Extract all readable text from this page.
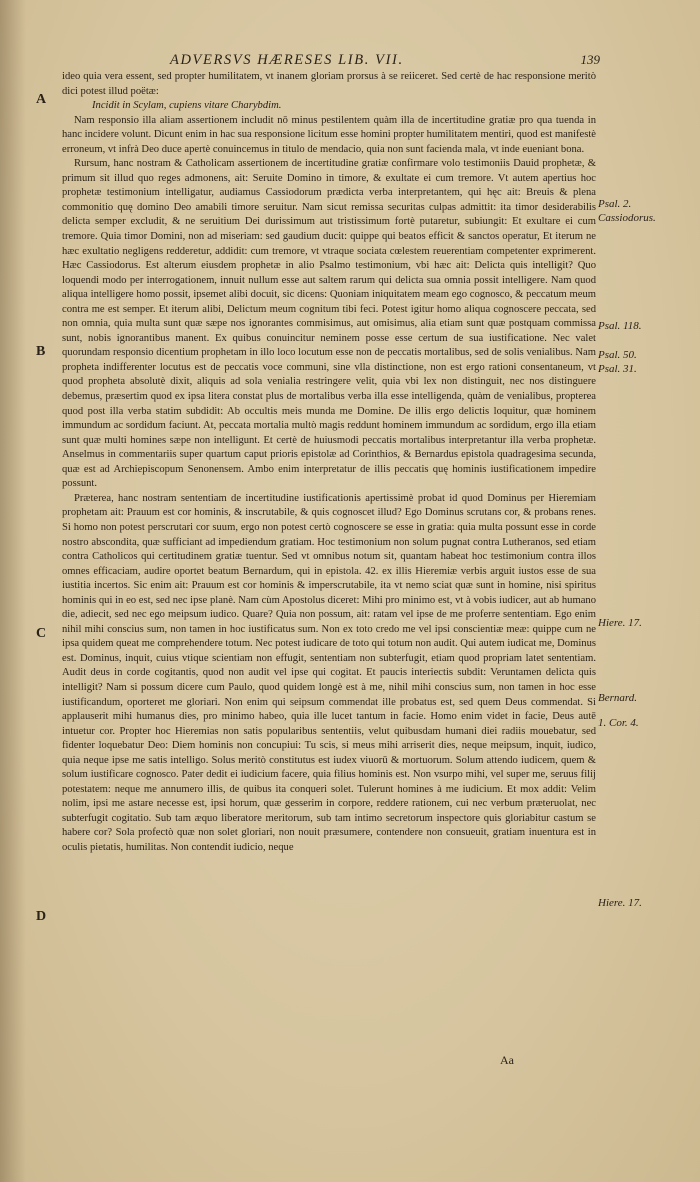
ADVERSVS HÆRESES LIB. VII.	139
A
B
C
D
Psal. 2.
Cassiodorus.
Psal. 118.
Psal. 50.
Psal. 31.
Hiere. 17.
Bernard.
1. Cor. 4.
Hiere. 17.

ideo quia vera essent, sed propter humilitatem, vt inanem gloriam prorsus à se reiiceret. Sed certè de hac responsione meritò dici potest illud poëtæ:

Incidit in Scylam, cupiens vitare Charybdim.

Nam responsio illa aliam assertionem includit nō minus pestilentem quàm illa de incertitudine gratiæ pro qua tuenda in hanc incidere volunt. Dicunt enim in hac sua responsione licitum esse homini propter humilitatem mentiri, quod est manifestè erroneum, vt infrà Deo duce apertè conuincemus in titulo de mendacio, quia non sunt facienda mala, vt inde eueniant bona.

Rursum, hanc nostram & Catholicam assertionem de incertitudine gratiæ confirmare volo testimoniis Dauid prophetæ, & primum sit illud quo reges admonens, ait: Seruite Domino in timore, & exultate ei cum tremore. Vt autem apertius hoc prophetæ testimonium intelligatur, audiamus Cassiodorum prædicta verba interpretantem, qui hęc ait: Breuis & plena commonitio quę domino Deo amabili timore seruitur. Nam sicut remissa securitas culpas admittit: ita timor desiderabilis delicta semper excludit, & ne seruitium Dei durissimum aut tristissimum fortè putaretur, subiungit: Et exultare ei cum tremore. Quia timor Domini, non ad miseriam: sed gaudium ducit: quippe qui beatos efficit & sanctos operatur, Et iterum ne hæc exultatio negligens redderetur, addidit: cum tremore, vt vtraque sociata cœlestem reuerentiam competenter exprimerent. Hæc Cassiodorus. Est alterum eiusdem prophetæ in alio Psalmo testimonium, vbi hæc ait: Delicta quis intelligit? Quo loquendi modo per interrogationem, innuit nullum esse aut saltem rarum qui delicta sua omnia possit intelligere. Nam quod aliqua intelligere homo possit, ipsemet alibi docuit, sic dicens: Quoniam iniquitatem meam ego cognosco, & peccatum meum contra me est semper. Et iterum alibi, Delictum meum cognitum tibi feci. Potest igitur homo aliqua cognoscere peccata, sed non omnia, quia multa sunt quæ sæpe nos ignorantes commisimus, aut omisimus, alia etiam sunt quæ postquam commissa sunt, nobis ignorantibus manent. Ex quibus conuincitur neminem posse esse certum de sua iustificatione. Nec valet quorundam responsio dicentium prophetam in illo loco locutum esse non de peccatis mortalibus, sed de solis venialibus. Nam propheta indifferenter locutus est de peccatis voce communi, sine vlla distinctione, non est ergo rationi consentaneum, vt quod propheta absolutè dixit, aliquis ad sola venialia restringere velit, quia vbi lex non distinguit, nec nos distinguere debemus, præsertim quod ex ipsa litera constat plus de mortalibus verba illa esse intelligenda, quàm de venialibus, propterea quod post illa verba statim subdidit: Ab occultis meis munda me Domine. De illis ergo delictis loquitur, quæ hominem immundum ac sordidum faciunt. At, peccata mortalia multò magis reddunt hominem immundum ac sordidum, ergo illa etiam sunt quæ multi homines sæpe non intelligunt. Et certè de huiusmodi peccatis mortalibus interpretantur illa verba prophetæ. Anselmus in commentariis super quartum caput prioris epistolæ ad Corinthios, & Bernardus epistola quadragesima secunda, quæ est ad Archiepiscopum Senonensem. Ambo enim interpretatur de illis peccatis quę hominis iustificationem impedire possunt.

Præterea, hanc nostram sententiam de incertitudine iustificationis apertissimè probat id quod Dominus per Hieremiam prophetam ait: Prauum est cor hominis, & inscrutabile, & quis cognoscet illud? Ego Dominus scrutans cor, & probans renes. Si homo non potest perscrutari cor suum, ergo non potest certò cognoscere se esse in gratia: quia multa possunt esse in corde nostro abscondita, quæ sufficiant ad impediendum gratiam. Hoc testimonium non solum pugnat contra Lutheranos, sed etiam contra Catholicos qui certitudinem gratiæ tuentur. Sed vt omnibus notum sit, quantam habeat hoc testimonium contra illos omnes efficaciam, audire oportet beatum Bernardum, qui in epistola. 42. ex illis Hieremiæ verbis arguit iustos esse de sua iustitia incertos. Sic enim ait: Prauum est cor hominis & imperscrutabile, ita vt nemo sciat quæ sunt in homine, nisi spiritus hominis qui in eo est, sed nec ipse planè. Nam cùm Apostolus diceret: Mihi pro minimo est, vt à vobis iudicer, aut ab humano die, adiecit, sed nec ego meipsum iudico. Quare? Quia non possum, ait: ratam vel ipse de me proferre sententiam. Ego enim nihil mihi conscius sum, non tamen in hoc iustificatus sum. Non ex toto credo me vel ipsi conscientiæ meæ: quippe cum ne ipsa quidem queat me comprehendere totum. Nec potest iudicare de toto qui totum non audit. Qui autem iudicat me, Dominus est. Dominus, inquit, cuius vtique scientiam non effugit, sententiam non subterfugit, etiam quod propriam latet sententiam. Audit deus in corde cogitantis, quod non audit vel ipse qui cogitat. Et paucis interiectis subdit: Veruntamen delicta quis intelligit? Nam si possum dicere cum Paulo, quod quidem longè est à me, nihil mihi conscius sum, non tamen in hoc esse iustificandum, oporteret me gloriari. Non enim qui seipsum commendat ille probatus est, sed quem Deus commendat. Si applauserit mihi humanus dies, pro minimo habeo, quia ille lucet tantum in facie. Homo enim videt in facie, Deus autē intuetur cor. Propter hoc Hieremias non satis popularibus sententiis, velut quibusdam humani diei radiis mouebatur, sed fidenter loquebatur Deo: Diem hominis non concupiui: Tu scis, si meus mihi arriserit dies, neque meipsum, inquit, iudico, quia neque ipse me satis intelligo. Solus meritò constitutus est iudex viuorū & mortuorum. Solum attendo iudicem, quem & solum iustificare cognosco. Pater dedit ei iudicium facere, quia filius hominis est. Non vsurpo mihi, vel super me, seruus filij potestatem: neque me annumero illis, de quibus ita conqueri solet. Tulerunt homines à me iudicium. Et mox addit: Velim nolim, ipsi me astare necesse est, ipsi horum, quæ gesserim in corpore, reddere rationem, cui nec verbum præteruolat, nec subterfugit cogitatio. Sub tam æquo liberatore meritorum, sub tam intimo secretorum inspectore quis gloriabitur castum se habere cor? Sola profectò quæ non solet gloriari, non nouit præsumere, contendere non consueuit, gratiam inuentura est in oculis pietatis, humilitas. Non contendit iudicio, neque

Aa
